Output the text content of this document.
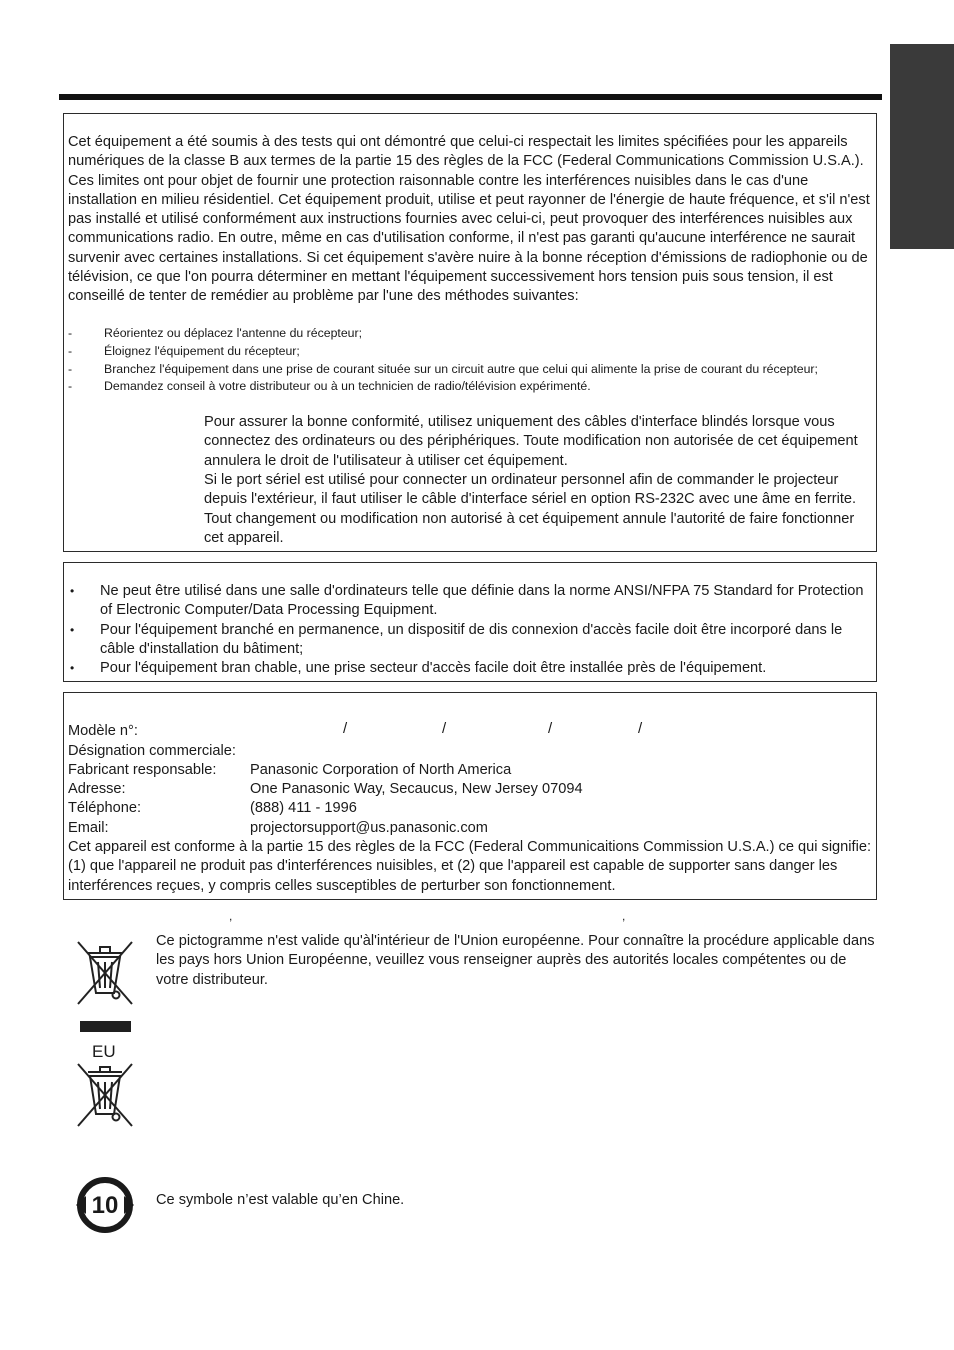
Cet équipement a été soumis à des tests qui ont démontré que celui-ci respectait les limites spécifiées pour les appareils numériques de la classe B aux termes de la partie 15 des règles de la FCC (Federal Communications Commission U.S.A.). Ces limites ont pour objet de fournir une protection raisonnable contre les interférences nuisibles dans le cas d'une installation en milieu résidentiel. Cet équipement produit, utilise et peut rayonner de l'énergie de haute fréquence, et s'il n'est pas installé et utilisé conformément aux instructions fournies avec celui-ci, peut provoquer des interférences nuisibles aux communications radio. En outre, même en cas d'utilisation conforme, il n'est pas garanti qu'aucune interférence ne saurait survenir avec certaines installations. Si cet équipement s'avère nuire à la bonne réception d'émissions de radiophonie ou de télévision, ce que l'on pourra déterminer en mettant l'équipement successivement hors tension puis sous tension, il est conseillé de tenter de remédier au problème par l'une des méthodes suivantes:

-	Réorientez ou déplacez l'antenne du récepteur;
-	Éloignez l'équipement du récepteur;
-	Branchez l'équipement dans une prise de courant située sur un circuit autre que celui qui alimente la prise de courant du récepteur;
-	Demandez conseil à votre distributeur ou à un technicien de radio/télévision expérimenté.

Pour assurer la bonne conformité, utilisez uniquement des câbles d'interface blindés lorsque vous connectez des ordinateurs ou des périphériques. Toute modification non autorisée de cet équipement annulera le droit de l'utilisateur à utiliser cet équipement.

Si le port sériel est utilisé pour connecter un ordinateur personnel afin de commander le projecteur depuis l'extérieur, il faut utiliser le câble d'interface sériel en option RS-232C avec une âme en ferrite. Tout changement ou modification non autorisé à cet équipement annule l'autorité de faire fonctionner cet appareil.

• Ne peut être utilisé dans une salle d'ordinateurs telle que définie dans la norme ANSI/NFPA 75 Standard for Protection of Electronic Computer/Data Processing Equipment.
• Pour l'équipement branché en permanence, un dispositif de dis connexion d'accès facile doit être incorporé dans le câble d'installation du bâtiment;
• Pour l'équipement bran chable, une prise secteur d'accès facile doit être installée près de l'équipement.
Modèle n°:	/	/	/	/
Désignation commerciale:
Fabricant responsable: Panasonic Corporation of North America
Adresse:	One Panasonic Way, Secaucus, New Jersey 07094
Téléphone:	(888) 411 - 1996
Email:	projectorsupport@us.panasonic.com

Cet appareil est conforme à la partie 15 des règles de la FCC (Federal Communicaitions Commission U.S.A.) ce qui signifie: (1) que l'appareil ne produit pas d'interférences nuisibles, et (2) que l'appareil est capable de supporter sans danger les interférences reçues, y compris celles susceptibles de perturber son fonctionnement.

,	,

Ce pictogramme n'est valide qu'àl'intérieur de l'Union européenne. Pour connaître la procédure applicable dans les pays hors Union Européenne, veuillez vous renseigner auprès des autorités locales compétentes ou de votre distributeur.

EU
10	Ce symbole n’est valable qu’en Chine.
